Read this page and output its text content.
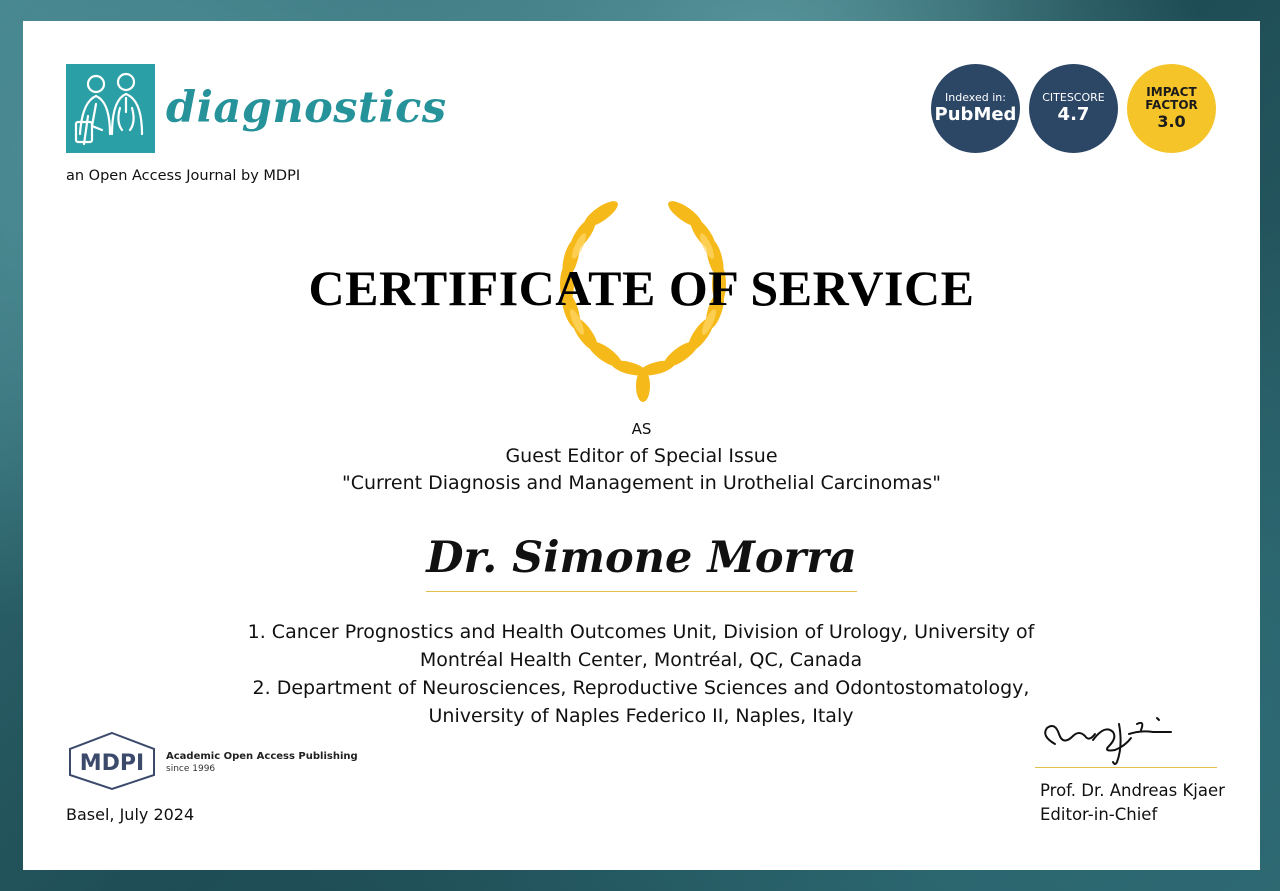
diagnostics
an Open Access Journal by MDPI
Indexed in:
PubMed
CITESCORE
4.7
IMPACT
FACTOR
3.0
CERTIFICATE OF SERVICE
AS
Guest Editor of Special Issue
"Current Diagnosis and Management in Urothelial Carcinomas"
Dr. Simone Morra
1. Cancer Prognostics and Health Outcomes Unit, Division of Urology, University of Montréal Health Center, Montréal, QC, Canada
2. Department of Neurosciences, Reproductive Sciences and Odontostomatology, University of Naples Federico II, Naples, Italy
MDPI Academic Open Access Publishing
since 1996
Basel, July 2024
Prof. Dr. Andreas Kjaer
Editor-in-Chief
